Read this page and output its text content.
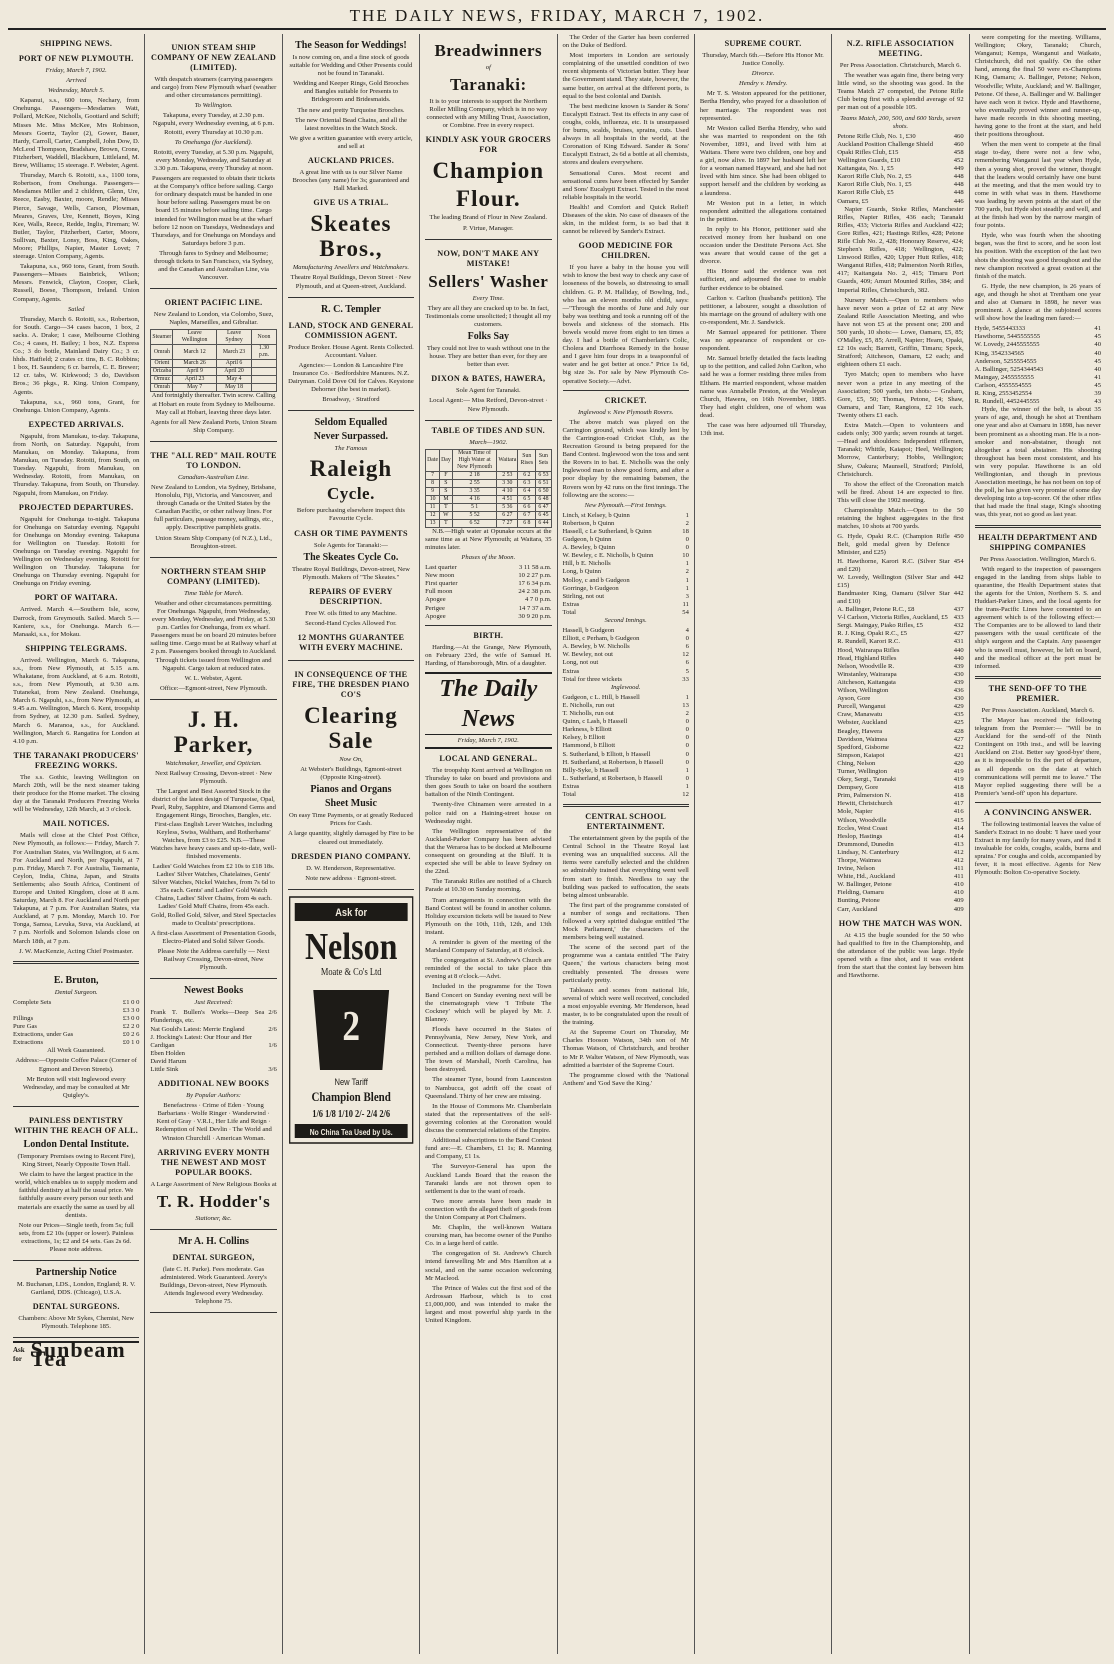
THE DAILY NEWS, FRIDAY, MARCH 7, 1902.
SHIPPING NEWS.
PORT OF NEW PLYMOUTH.
Friday, March 7, 1902.
Arrived
Wednesday, March 5.

Kapanui, s.s., 600 tons, Nechary, from Onehunga. Passengers—Mesdames Watt, Pollard, McKee, Nicholls, Gootiard and Schiff; Misses Mc. Miss McKee, Mrs Robinson, Messrs Goertz, Taylor (2), Gower, Bauer, Hardy, Carroll, Carter, Campbell, John Dow, D. McLeod Thompson, Bradshaw, Brown, Crone, Fitzherbert, Waddell, Blackburn, Littleland, M. Brew, Williams; 15 steerage. F. Webster, Agent.

Thursday, March 6. Rotoiti, s.s., 1100 tons, Robertson, from Onehunga. Passengers—Mesdames Miller and 2 children, Glenn, Ure, Reece, Easby, Baxter, moore, Rendle; Misses Pierce, Savage, Wells, Carson, Plowman, Meares, Graves, Ure, Kennett, Boyes, King Kee, Walls, Reece, Redde, Inglis, Fireman; W. Butler, Taylor, Fitzherbert, Carter, Moore, Sullivan, Baxter, Lonsy, Boss, King, Oakes, Moore; Phillips, Napier, Master Lovet; 7 steerage. Union Company, Agents.

Takapuna, s.s., 960 tons, Grant, from South. Passengers—Misses Bainbrick, Wilson; Messrs. Fenwick, Clayton, Cooper, Clark, Russell, Boese, Thompson, Ireland. Union Company, Agents.

Sailed

Thursday, March 6. Rotoiti, s.s., Robertson, for South. Cargo—34 cases bacon, 1 box, 2 sacks. A. Drake; 1 case, Melbourne Clothing Co.; 4 cases, H. Bailey; 1 box, N.Z. Express Co.; 3 do bottle, Mainland Dairy Co.; 3 cr. hhds. Hatfield; 2 crates cr. tins, B. C. Robbins; 1 box, H. Saunders; 6 cr. barrels, C. E. Brewer; 12 cr. tabs, W. Kirkwood; 3 do, Davidson Bros.; 36 pkgs., R. King. Union Company, Agents.

Takapuna, s.s., 960 tons, Grant, for Onehunga. Union Company, Agents.

EXPECTED ARRIVALS.

Ngapuhi, from Manukau, to-day. Takapuna, from North, on Saturday. Ngapuhi, from Manukau, on Monday. Takapuna, from Manukau, on Tuesday. Rotoiti, from South, on Tuesday. Ngapuhi, from Manukau, on Wednesday. Rotoiti, from Manukau, on Thursday. Takapuna, from South, on Thursday. Ngapuhi, from Manukau, on Friday.

PROJECTED DEPARTURES.

Ngapuhi for Onehunga to-night. Takapuna for Onehunga on Saturday evening. Ngapuhi for Onehunga on Monday evening. Takapuna for Wellington on Tuesday. Rotoiti for Onehunga on Tuesday evening. Ngapuhi for Wellington on Wednesday evening. Rotoiti for Wellington on Thursday. Takapuna for Onehunga on Thursday evening. Ngapuhi for Onehunga on Friday evening.

PORT OF WAITARA.

Arrived. March 4.—Southern Isle, scow, Darrock, from Greymouth. Sailed. March 5.—Kaniere, s.s., for Onehunga. March 6.—Manaaki, s.s., for Mokau.

SHIPPING TELEGRAMS.

Arrived. Wellington, March 6. Takapuna, s.s., from New Plymouth, at 5.15 a.m. Whakatane, from Auckland, at 6 a.m. Rotoiti, s.s., from New Plymouth, at 9.30 a.m. Tutanekai, from New Zealand. Onehunga, March 6. Ngapuhi, s.s., from New Plymouth, at 9.45 a.m. Wellington, March 6. Kent, troopship from Sydney, at 12.30 p.m. Sailed. Sydney, March 6. Maranoa, s.s., for Auckland. Wellington, March 6. Rangatira for London at 4.10 p.m.

THE TARANAKI PRODUCERS' FREEZING WORKS.

The s.s. Gothic, leaving Wellington on March 20th, will be the next steamer taking their produce for the Home market. The closing day at the Taranaki Producers Freezing Works will be Wednesday, 12th March, at 3 o'clock.

MAIL NOTICES.

Mails will close at the Chief Post Office, New Plymouth, as follows:— Friday, March 7. For Australian States, via Wellington, at 6 a.m. For Auckland and North, per Ngapuhi, at 7 p.m. Friday, March 7. For Australia, Tasmania, Ceylon, India, China, Japan, and Straits Settlements; also South Africa, Continent of Europe and United Kingdom, close at 8 a.m. Saturday, March 8. For Auckland and North per Takapuna, at 7 p.m. For Australian States, via Auckland, at 7 p.m. Monday, March 10. For Tonga, Samoa, Levuka, Suva, via Auckland, at 7 p.m. Norfolk and Solomon Islands close on March 18th, at 7 p.m.

J. W. MacKenzie, Acting Chief Postmaster.

E. Bruton,
Dental Surgeon.
Complete Sets	£1 0 0
£3 3 0
Fillings	£3 0 0
Pure Gas	£2 2 0
Extractions, under Gas	£0 2 6
Extractions	£0 1 0

All Work Guaranteed.

Address:—Opposite Coffee Palace (Corner of Egmont and Devon Streets).

Mr Bruton will visit Inglewood every Wednesday, and may be consulted at Mr Quigley's.

PAINLESS DENTISTRY WITHIN THE REACH OF ALL.
London Dental Institute.

(Temporary Premises owing to Recent Fire), King Street, Nearly Opposite Town Hall.

We claim to have the largest practice in the world, which enables us to supply modern and faithful dentistry at half the usual price. We faithfully assure every person our teeth and materials are exactly the same as used by all dentists.

Note our Prices—Single teeth, from 5s; full sets, from £2 10s (upper or lower). Painless extractions, 1s; £2 and £4 sets. Gas 2s 6d. Please note address.

Partnership Notice

M. Buchanan, LDS., London, England; R. V. Gartland, DDS. (Chicago), U.S.A.

DENTAL SURGEONS.

Chambers: Above Mr Sykes, Chemist, New Plymouth. Telephone 185.

Ask for Sunbeam Tea
UNION STEAM SHIP COMPANY OF NEW ZEALAND (LIMITED).

With despatch steamers (carrying passengers and cargo) from New Plymouth wharf (weather and other circumstances permitting).

To Wellington.

Takapuna, every Tuesday, at 2.30 p.m. Ngapuhi, every Wednesday evening, at 6 p.m. Rotoiti, every Thursday at 10.30 p.m.

To Onehunga (for Auckland).

Rotoiti, every Tuesday, at 5.30 p.m. Ngapuhi, every Monday, Wednesday, and Saturday at 3.30 p.m. Takapuna, every Thursday at noon.

Passengers are requested to obtain their tickets at the Company's office before sailing. Cargo for ordinary despatch must be handed in one hour before sailing. Passengers must be on board 15 minutes before sailing time. Cargo intended for Wellington must be at the wharf before 12 noon on Tuesdays, Wednesdays and Thursdays, and for Onehunga on Mondays and Saturdays before 3 p.m.

Through fares to Sydney and Melbourne; through tickets to San Francisco, via Sydney, and the Canadian and Australian Line, via Vancouver.

ORIENT PACIFIC LINE.

New Zealand to London, via Colombo, Suez, Naples, Marseilles, and Gibraltar.

Steamer	Leave Wellington	Leave Sydney	Noon
Omrah	March 12	March 23	1.30 p.m.
Orient	March 26	April 6	
Orizaba	April 9	April 20	
Ormuz	April 23	May 4	
Omrah	May 7	May 18	

And fortnightly thereafter. Twin screw. Calling at Hobart en route from Sydney to Melbourne. May call at Hobart, leaving three days later.

Agents for all New Zealand Ports, Union Steam Ship Company.

THE "ALL RED" MAIL ROUTE TO LONDON.
Canadian-Australian Line.

New Zealand to London, via Sydney, Brisbane, Honolulu, Fiji, Victoria, and Vancouver, and through Canada or the United States by the Canadian Pacific, or other railway lines. For full particulars, passage money, sailings, etc., apply. Descriptive pamphlets gratis.

Union Steam Ship Company (of N.Z.), Ltd., Broughton-street.

NORTHERN STEAM SHIP COMPANY (LIMITED).
Time Table for March.

Weather and other circumstances permitting. For Onehunga. Ngapuhi, from Wednesday, every Monday, Wednesday, and Friday, at 5.30 p.m. Cartles for Onehunga, from ex wharf. Passengers must be on board 20 minutes before sailing time. Cargo must be at Railway wharf at 2 p.m. Passengers booked through to Auckland. Through tickets issued from Wellington and Ngapuhi. Cargo taken at reduced rates.

W. L. Webster, Agent.

Office:—Egmont-street, New Plymouth.

J. H. Parker,
Watchmaker, Jeweller, and Optician.

Next Railway Crossing, Devon-street · New Plymouth.

The Largest and Best Assorted Stock in the district of the latest design of Turquoise, Opal, Pearl, Ruby, Sapphire, and Diamond Gems and Engagement Rings, Brooches, Bangles, etc. First-class English Lever Watches, including Keyless, Swiss, Waltham, and Rotherhams' Watches, from £3 to £25. N.B.—These Watches have heavy cases and up-to-date, well-finished movements.

Ladies' Gold Watches from £2 10s to £18 18s. Ladies' Silver Watches, Chatelaines, Gents' Silver Watches, Nickel Watches, from 7s 6d to 35s each. Gents' and Ladies' Gold Watch Chains, Ladies' Silver Chains, from 4s each. Ladies' Gold Muff Chains, from 45s each. Gold, Rolled Gold, Silver, and Steel Spectacles made to Oculists' prescriptions.

A first-class Assortment of Presentation Goods, Electro-Plated and Solid Silver Goods.

Please Note the Address carefully — Next Railway Crossing, Devon-street, New Plymouth.

Newest Books
Just Received:
Frank T. Bullen's Works—Deep Sea Plunderings, etc.
2/6
Nat Gould's Latest: Merrie England	2/6
J. Hocking's Latest: Our Hour and Her
Cardigan	1/6
Eben Holden
David Harum
Little Sink	3/6
ADDITIONAL NEW BOOKS
By Popular Authors:

Benefactress · Crime of Eden · Young Barbarians · Wolfe Ringer · Wanderwind · Kent of Gray · V.R.I., Her Life and Reign · Redemption of Neil Devlin · The World and Winston Churchill · American Woman.

ARRIVING EVERY MONTH THE NEWEST AND MOST POPULAR BOOKS.

A Large Assortment of New Religious Books at

T. R. Hodder's
Stationer, &c.
Mr A. H. Collins
DENTAL SURGEON,

(late C. H. Parke). Fees moderate. Gas administered. Work Guaranteed. Avery's Buildings, Devon-street, New Plymouth. Attends Inglewood every Wednesday. Telephone 75.

The Season for Weddings!

Is now coming on, and a fine stock of goods suitable for Wedding and Other Presents could not be found in Taranaki.

Wedding and Keeper Rings, Gold Brooches and Bangles suitable for Presents to Bridegroom and Bridesmaids.

The new and pretty Turquoise Brooches.

The new Oriental Bead Chains, and all the latest novelties in the Watch Stock.

We give a written guarantee with every article, and sell at

AUCKLAND PRICES.

A great line with us is our Silver Name Brooches (any name) for 3s; guaranteed and Hall Marked.

GIVE US A TRIAL.
Skeates Bros.,
Manufacturing Jewellers and Watchmakers.

Theatre Royal Buildings, Devon Street · New Plymouth, and at Queen-street, Auckland.

R. C. Templer
LAND, STOCK AND GENERAL COMMISSION AGENT.

Produce Broker. House Agent. Rents Collected. Accountant. Valuer.

Agencies:— London & Lancashire Fire Insurance Co. · Bedfordshire Manures. N.Z. Dairyman. Cold Dove Oil for Calves. Keystone Dehorner (the best in market).

Broadway, · Stratford

Seldom Equalled
Never Surpassed.
The Famous
Raleigh
Cycle.

Before purchasing elsewhere inspect this Favourite Cycle.

CASH OR TIME PAYMENTS

Sole Agents for Taranaki:—

The Skeates Cycle Co.

Theatre Royal Buildings, Devon-street, New Plymouth. Makers of "The Skeates."

REPAIRS OF EVERY DESCRIPTION.

Free W. oils fitted to any Machine.

Second-Hand Cycles Allowed For.

12 MONTHS GUARANTEE WITH EVERY MACHINE.
IN CONSEQUENCE OF THE FIRE, THE DRESDEN PIANO CO'S
Clearing Sale
Now On,

At Webster's Buildings, Egmont-street (Opposite King-street).

Pianos and Organs
Sheet Music

On easy Time Payments, or at greatly Reduced Prices for Cash.

A large quantity, slightly damaged by Fire to be cleared out immediately.

DRESDEN PIANO COMPANY.

D. W. Henderson, Representative.

Note new address · Egmont-street.

Ask for
Nelson
Moate & Co's Ltd
2
New Tariff
Champion Blend
1/6 1/8 1/10 2/- 2/4 2/6
No China Tea Used by Us.
Breadwinners
of
Taranaki:

It is to your interests to support the Northern Roller Milling Company, which is in no way connected with any Milling Trust, Association, or Combine. Free in every respect.

KINDLY ASK YOUR GROCERS FOR
Champion
Flour.

The leading Brand of Flour in New Zealand.

P. Virtue, Manager.

NOW, DON'T MAKE ANY MISTAKE!
Sellers' Washer
Every Time.

They are all they are cracked up to be. In fact, Testimonials come unsolicited; I thought all my customers.

Folks Say

They could not live to wash without one in the house. They are better than ever, for they are better than ever.

DIXON & BATES, HAWERA,

Sole Agent for Taranaki.

Local Agent:— Miss Retford, Devon-street · New Plymouth.

TABLE OF TIDES AND SUN.
March—1902.
Date	Day	Mean Time of High Water at New Plymouth	Waitara	Sun Rises	Sun Sets
7	F	2 18	2 53	6 2	6 53
8	S	2 55	3 30	6 3	6 51
9	S	3 35	4 10	6 4	6 50
10	M	4 16	4 51	6 5	6 48
11	T	5 1	5 36	6 6	6 47
12	W	5 52	6 27	6 7	6 45
13	T	6 52	7 27	6 8	6 44

N.B.—High water at Opunake occurs at the same time as at New Plymouth; at Waitara, 35 minutes later.

Phases of the Moon.
Last quarter	3 11 58 a.m.
New moon	10 2 27 p.m.
First quarter	17 6 34 p.m.
Full moon	24 2 38 p.m.
Apogee	4 7 0 p.m.
Perigee	14 7 37 a.m.
Apogee	30 9 20 p.m.
BIRTH.

Harding.—At the Grange, New Plymouth, on February 23rd, the wife of Samuel H. Harding, of Hansborough, Mtn. of a daughter.

The Daily News
Friday, March 7, 1902.
LOCAL AND GENERAL.

The troopship Kent arrived at Wellington on Thursday to take on board and provisions and then goes South to take on board the southern battalion of the Ninth Contingent.

Twenty-five Chinamen were arrested in a police raid on a Haining-street house on Wednesday night.

The Wellington representative of the Auckland-Parker Company has been advised that the Weraroa has to be docked at Melbourne consequent on grounding at the Bluff. It is expected she will be able to leave Sydney on the 22nd.

The Taranaki Rifles are notified of a Church Parade at 10.30 on Sunday morning.

Tram arrangements in connection with the Band Contest will be found in another column. Holiday excursion tickets will be issued to New Plymouth on the 10th, 11th, 12th, and 13th instant.

A reminder is given of the meeting of the Marsland Company of Saturday, at 8 o'clock.

The congregation at St. Andrew's Church are reminded of the social to take place this evening at 8 o'clock.—Advt.

Included in the programme for the Town Band Concert on Sunday evening next will be the cinematograph view 'I Tribute The Cockney' which will be played by Mr. J. Blanney.

Floods have occurred in the States of Pennsylvania, New Jersey, New York, and Connecticut. Twenty-three persons have perished and a million dollars of damage done. The town of Marshall, North Carolina, has been destroyed.

The steamer Tyne, bound from Launceston to Nambucca, got adrift off the coast of Queensland. Thirty of her crew are missing.

In the House of Commons Mr. Chamberlain stated that the representatives of the self-governing colonies at the Coronation would discuss the commercial relations of the Empire.

Additional subscriptions to the Band Contest fund are:—E. Chambers, £1 1s; R. Manning and Company, £1 1s.

The Surveyor-General has upon the Auckland Lands Board that the reason the Taranaki lands are not thrown open to settlement is due to the want of roads.

Two more arrests have been made in connection with the alleged theft of goods from the Union Company at Port Chalmers.

Mr. Chaplin, the well-known Waitara coursing man, has become owner of the Puniho Co. in a large herd of cattle.

The congregation of St. Andrew's Church intend farewelling Mr and Mrs Hamilton at a social, and on the same occasion welcoming Mr Macleod.

The Prince of Wales cut the first sod of the Ardrossan Harbour, which is to cost £1,000,000, and was intended to make the largest and most powerful ship yards in the United Kingdom.

The Order of the Garter has been conferred on the Duke of Bedford.

Most importers in London are seriously complaining of the unsettled condition of two recent shipments of Victorian butter. They hear the Government stand. They state, however, the same butter, on arrival at the different ports, is equal to the best colonial and Danish.

The best medicine known is Sander & Sons' Eucalypti Extract. Test its effects in any case of coughs, colds, influenza, etc. It is unsurpassed for burns, scalds, bruises, sprains, cuts. Used always in all hospitals in the world, at the Coronation of King Edward. Sander & Sons' Eucalypti Extract, 2s 6d a bottle at all chemists, stores and dealers everywhere.

Sensational Cures. Most recent and sensational cures have been effected by Sander and Sons' Eucalypti Extract. Tested in the most reliable hospitals in the world.

Health! and Comfort and Quick Relief! Diseases of the skin. No case of diseases of the skin, in the mildest form, is so bad that it cannot be relieved by Sander's Extract.

GOOD MEDICINE FOR CHILDREN.

If you have a baby in the house you will wish to know the best way to check any case of looseness of the bowels, so distressing to small children. G. P. M. Halliday, of Bowling, Ind., who has an eleven months old child, says:—"Through the months of June and July our baby was teething and took a running off of the bowels and sickness of the stomach. His bowels would move from eight to ten times a day. I had a bottle of Chamberlain's Colic, Cholera and Diarrhoea Remedy in the house and I gave him four drops in a teaspoonful of water and he got better at once." Price 1s 6d, big size 3s. For sale by New Plymouth Co-operative Society.—Advt.

CRICKET.
Inglewood v. New Plymouth Rovers.

The above match was played on the Carrington ground, which was kindly lent by the Carrington-road Cricket Club, as the Recreation Ground is being prepared for the Band Contest. Inglewood won the toss and sent the Rovers in to bat. E. Nicholls was the only Inglewood man to show good form, and after a poor display by the remaining batsmen, the Rovers won by 42 runs on the first innings. The following are the scores:—

New Plymouth.—First Innings.
Linch, st Kelsey, b Quinn	1
Robertson, b Quinn	2
Hassell, c Le Sutherland, b Quinn	18
Gudgeon, b Quinn	0
A. Bewley, b Quinn	0
W. Bewley, c E. Nicholls, b Quinn	10
Hill, b E. Nicholls	1
Long, b Quinn	2
Molloy, c and b Gudgeon	1
Gorringe, b Gudgeon	1
Stirling, not out	3
Extras	11
Total	54
Second Innings.
Hassell, b Gudgeon	4
Elliott, c Perham, b Gudgeon	0
A. Bewley, b W. Nicholls	6
W. Bewley, not out	12
Long, not out	6
Extras	5
Total for three wickets	33
Inglewood.
Gudgeon, c L. Hill, b Hassell	1
E. Nicholls, run out	13
T. Nicholls, run out	2
Quinn, c Lash, b Hassell	0
Harkness, b Elliott	0
Kelsey, b Elliott	0
Hammond, b Elliott	0
S. Sutherland, b Elliott, b Hassell	0
H. Sutherland, st Robertson, b Hassell	0
Billy-Syke, b Hassell	1
L. Sutherland, st Robertson, b Hassell	0
Extras	1
Total	12
CENTRAL SCHOOL ENTERTAINMENT.

The entertainment given by the pupils of the Central School in the Theatre Royal last evening was an unqualified success. All the items were carefully selected and the children so admirably trained that everything went well from start to finish. Needless to say the building was packed to suffocation, the seats being almost unbearable.

The first part of the programme consisted of a number of songs and recitations. Then followed a very spirited dialogue entitled 'The Mock Parliament,' the characters of the members being well sustained.

The scene of the second part of the programme was a cantata entitled 'The Fairy Queen,' the various characters being most creditably presented. The dresses were particularly pretty.

Tableaux and scenes from national life, several of which were well received, concluded a most enjoyable evening. Mr Henderson, head master, is to be congratulated upon the result of the training.

At the Supreme Court on Thursday, Mr Charles Hooson Watson, 34th son of Mr Thomas Watson, of Christchurch, and brother to Mr P. Walter Watson, of New Plymouth, was admitted a barrister of the Supreme Court.

The programme closed with the 'National Anthem' and 'God Save the King.'

SUPREME COURT.

Thursday, March 6th.—Before His Honor Mr. Justice Conolly.

Divorce.
Hendry v. Hendry.

Mr T. S. Weston appeared for the petitioner, Bertha Hendry, who prayed for a dissolution of her marriage. The respondent was not represented.

Mr Weston called Bertha Hendry, who said she was married to respondent on the 6th November, 1891, and lived with him at Waitara. There were two children, one boy and a girl, now alive. In 1897 her husband left her for a woman named Hayward, and she had not lived with him since. She had been obliged to support herself and the children by working as a laundress.

Mr Weston put in a letter, in which respondent admitted the allegations contained in the petition.

In reply to his Honor, petitioner said she received money from her husband on one occasion under the Destitute Persons Act. She was aware that would cause of the get a divorce.

His Honor said the evidence was not sufficient, and adjourned the case to enable further evidence to be obtained.

Carlton v. Carlton (husband's petition). The petitioner, a labourer, sought a dissolution of his marriage on the ground of adultery with one co-respondent, Mr. J. Sandwick.

Mr Samuel appeared for petitioner. There was no appearance of respondent or co-respondent.

Mr. Samuel briefly detailed the facts leading up to the petition, and called John Carlton, who said he was a former residing three miles from Eltham. He married respondent, whose maiden name was Annabelle Preston, at the Wesleyan Church, Hawera, on 16th November, 1885. They had eight children, one of whom was dead.

The case was here adjourned till Thursday, 13th inst.

N.Z. RIFLE ASSOCIATION MEETING.

Per Press Association. Christchurch, March 6.

The weather was again fine, there being very little wind, so the shooting was good. In the Teams Match 27 competed, the Petone Rifle Club being first with a splendid average of 92 per man out of a possible 105.

Teams Match, 200, 500, and 600 Yards, seven shots.
Petone Rifle Club, No. 1, £30	460
Auckland Position Challenge Shield	460
Opaki Rifles Club, £15	458
Wellington Guards, £10	452
Kaitangata, No. 1, £5	449
Karori Rifle Club, No. 2, £5	448
Karori Rifle Club, No. 1, £5	448
Karori Rifle Club, £5	448
Oamaru, £5	446

Napier Guards, Stoke Rifles, Manchester Rifles, Napier Rifles, 436 each; Taranaki Rifles, 433; Victoria Rifles and Auckland 422; Gore Rifles, 421; Hastings Rifles, 428; Petone Rifle Club No. 2, 428; Honorary Reserve, 424; Stephen's Rifles, 418; Wellington, 422; Linwood Rifles, 420; Upper Hutt Rifles, 418; Wanganui Rifles, 418; Palmerston North Rifles, 417; Kaitangata No. 2, 415; Timaru Port Guards, 409; Amuri Mounted Rifles, 384; and Imperial Rifles, Christchurch, 382.

Nursery Match.—Open to members who have never won a prize of £2 at any New Zealand Rifle Association Meeting, and who have not won £5 at the present one; 200 and 500 yards, 10 shots:— Lowe, Oamaru, £5, 85; O'Malley, £5, 85; Arrell, Napier; Hearn, Opaki, £2 10s each; Barrett, Griffin, Timaru; Speck, Stratford; Aitcheson, Oamaru, £2 each; and eighteen others £1 each.

Tyro Match; open to members who have never won a prize in any meeting of the Association; 500 yards, ten shots:— Graham, Gore, £5, 50; Thomas, Petone, £4; Shaw, Oamaru, and Tarr, Rangiora, £2 10s each. Twenty others £1 each.

Extra Match.—Open to volunteers and cadets only; 300 yards; seven rounds at target.—Head and shoulders: Independent riflemen, Taranaki; Whittle, Kaiapoi; Heel, Wellington; Morrow, Canterbury; Hobbs, Wellington; Shaw, Oakura; Maunsell, Stratford; Pinfold, Christchurch.

To show the effect of the Coronation match will be fired. About 14 are expected to fire. This will close the 1902 meeting.

Championship Match.—Open to the 50 retaining the highest aggregates in the first matches, 10 shots at 700 yards.

G. Hyde, Opaki R.C. (Champion Rifle Belt, gold medal given by Defence Minister, and £25)
450
H. Hawthorne, Karori R.C. (Silver Star and £20)
454
W. Lovedy, Wellington (Silver Star and £15)
442
Bandmaster King, Oamaru (Silver Star and £10)
442
A. Ballinger, Petone R.C., £8	437
V-l Carlson, Victoria Rifles, Auckland, £5 433
Sergt. Maingay, Piako Rifles, £5	432
R. J. King, Opaki R.C., £5	427
R. Rundell, Karori R.C.	431
Hood, Wairarapa Rifles	440
Head, Highland Rifles	440
Nelson, Woodville R.	439
Winstanley, Wairarapa	430
Aitcheson, Kaitangata	439
Wilson, Wellington	436
Ayson, Gore	430
Purcell, Wanganui	429
Craw, Manawatu	435
Webster, Auckland	425
Beagley, Hawera	428
Davidson, Waimea	427
Spedford, Gisborne	422
Simpson, Kaiapoi	421
Ching, Nelson	420
Turner, Wellington	419
Okey, Sergt., Taranaki	419
Dempsey, Gore	418
Prim, Palmerston N.	418
Hewitt, Christchurch	417
Mole, Napier	416
Wilson, Woodville	415
Eccles, West Coast	414
Heslop, Hastings	414
Drummond, Dunedin	413
Lindsay, N. Canterbury	412
Thorpe, Waimea	412
Irvine, Nelson	411
White, Hd., Auckland	411
W. Ballinger, Petone	410
Fielding, Oamaru	410
Bunting, Petone	409
Carr, Auckland	409
HOW THE MATCH WAS WON.

At 4.15 the bugle sounded for the 50 who had qualified to fire in the Championship, and the attendance of the public was large. Hyde opened with a fine shot, and it was evident from the start that the contest lay between him and Hawthorne.

were competing for the meeting. Williams, Wellington; Okey, Taranaki; Church, Wanganui; Kemps, Wanganui and Waikato, Christchurch, did not qualify. On the other hand, among the final 50 were ex-Champions King, Oamaru; A. Ballinger, Petone; Nelson, Woodville; White, Auckland; and W. Ballinger, Petone. Of these, A. Ballinger and W. Ballinger have each won it twice. Hyde and Hawthorne, who eventually proved winner and runner-up, have made records in this shooting meeting, having gone to the front at the start, and held their positions throughout.

When the men went to compete at the final stage to-day, there were not a few who, remembering Wanganui last year when Hyde, then a young shot, proved the winner, thought that the leaders would certainly have one burst at the meeting, and that the men would try to come in with what was in them. Hawthorne was leading by seven points at the start of the 700 yards, but Hyde shot steadily and well, and at the finish had won by the narrow margin of four points.

Hyde, who was fourth when the shooting began, was the first to score, and he soon lost his position. With the exception of the last two shots the shooting was good throughout and the new champion received a great ovation at the finish of the match.

G. Hyde, the new champion, is 26 years of age, and though he shot at Trentham one year and also at Oamaru in 1898, he never was prominent. A glance at the subjoined scores will show how the leading men fared:—

Hyde, 5455443333	41
Hawthorne, 5445555555	45
W. Lovedy, 2445555555	40
King, 3542334565	40
Anderson, 5255554555	45
A. Ballinger, 5254344543	40
Maingay, 2455555555	41
Carlson, 4555554555	45
R. King, 2553452554	39
R. Rundell, 4452445555	43

Hyde, the winner of the belt, is about 35 years of age, and, though he shot at Trentham one year and also at Oamaru in 1898, has never been prominent as a shooting man. He is a non-smoker and non-abstainer, though not altogether a total abstainer. His shooting throughout has been most consistent, and his win very popular. Hawthorne is an old Wellingtonian, and though in previous Association meetings, he has not been on top of the poll, he has given very promise of some day developing into a top-scorer. Of the other rifles that had made the final stage, King's shooting was, this year, not so good as last year.

HEALTH DEPARTMENT AND SHIPPING COMPANIES

Per Press Association. Wellington, March 6.

With regard to the inspection of passengers engaged in the landing from ships liable to quarantine, the Health Department states that the agents for the Union, Northern S. S. and Huddart-Parker Lines, and the local agents for the trans-Pacific Lines have consented to an agreement which is of the following effect:— The Companies are to be allowed to land their passengers with the usual certificate of the ship's surgeon and the Captain. Any passenger who is unwell must, however, be left on board, and the medical officer at the port must be informed.

THE SEND-OFF TO THE PREMIER.

Per Press Association. Auckland, March 6.

The Mayor has received the following telegram from the Premier:— "Will be in Auckland for the send-off of the Ninth Contingent on 19th inst., and will be leaving Auckland on 21st. Better say 'good-bye' there, as it is impossible to fix the port of departure, as all depends on the date at which communications will permit me to leave." The Mayor replied suggesting there will be a Premier's 'send-off' upon his departure.

A CONVINCING ANSWER.

The following testimonial leaves the value of Sander's Extract in no doubt: 'I have used your Extract in my family for many years, and find it invaluable for colds, coughs, scalds, burns and sprains.' For coughs and colds, accompanied by fever, it is most effective. Agents for New Plymouth: Bolton Co-operative Society.
